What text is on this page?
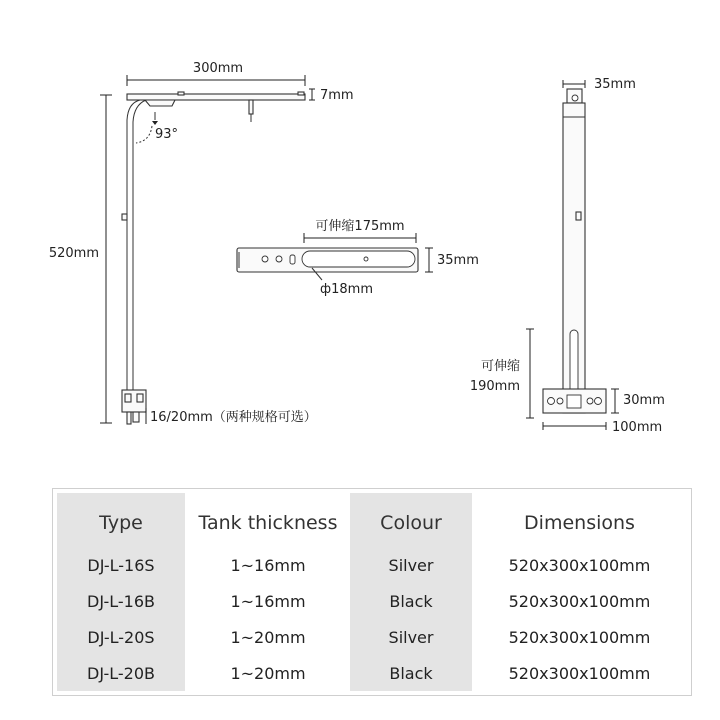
300mm
7mm
93°
520mm
16/20mm（两种规格可选）
可伸缩175mm
35mm
ф18mm
35mm
可伸缩
190mm
30mm
100mm
Type
DJ-L-16S
DJ-L-16B
DJ-L-20S
DJ-L-20B
Tank thickness
1~16mm
1~16mm
1~20mm
1~20mm
Colour
Silver
Black
Silver
Black
Dimensions
520x300x100mm
520x300x100mm
520x300x100mm
520x300x100mm
